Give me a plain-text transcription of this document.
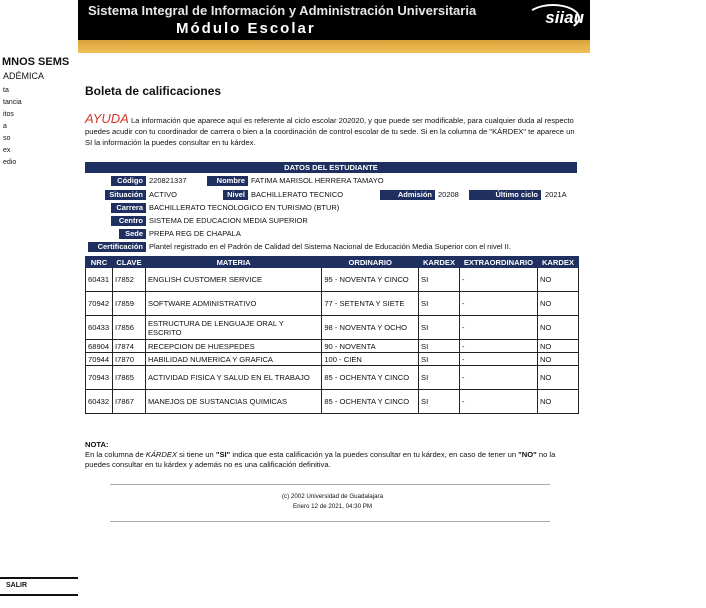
Sistema Integral de Información y Administración Universitaria
Módulo Escolar
siiau
MNOS SEMS
ADÉMICA
ta
tancia
itos
a
so
ex
edio
SALIR
Boleta de calificaciones
AYUDA La información que aparece aquí es referente al ciclo escolar 202020, y que puede ser modificable, para cualquier duda al respecto puedes acudir con tu coordinador de carrera o bien a la coordinación de control escolar de tu sede. Si en la columna de "KÁRDEX" te aparece un SI la información la puedes consultar en tu kárdex.
DATOS DEL ESTUDIANTE
Código 220821337	Nombre FATIMA MARISOL HERRERA TAMAYO
Situación ACTIVO	Nivel BACHILLERATO TECNICO	Admisión 20208	Último ciclo 2021A
Carrera BACHILLERATO TECNOLOGICO EN TURISMO (BTUR)
Centro SISTEMA DE EDUCACION MEDIA SUPERIOR
Sede PREPA REG DE CHAPALA
Certificación Plantel registrado en el Padrón de Calidad del Sistema Nacional de Educación Media Superior con el nivel II.
NRC	CLAVE	MATERIA	ORDINARIO	KARDEX	EXTRAORDINARIO	KARDEX
60431	I7852	ENGLISH CUSTOMER SERVICE	95 - NOVENTA Y CINCO	SI	-	NO
70942	I7859	SOFTWARE ADMINISTRATIVO	77 - SETENTA Y SIETE	SI	-	NO
60433	I7856	ESTRUCTURA DE LENGUAJE ORAL Y ESCRITO	98 - NOVENTA Y OCHO	SI	-	NO
68904	I7874	RECEPCION DE HUESPEDES	90 - NOVENTA	SI	-	NO
70944	I7870	HABILIDAD NUMERICA Y GRAFICA	100 - CIEN	SI	-	NO
70943	I7865	ACTIVIDAD FISICA Y SALUD EN EL TRABAJO	85 - OCHENTA Y CINCO	SI	-	NO
60432	I7867	MANEJOS DE SUSTANCIAS QUIMICAS	85 - OCHENTA Y CINCO	SI	-	NO
NOTA:
En la columna de KÁRDEX si tiene un "SI" indica que esta calificación ya la puedes consultar en tu kárdex, en caso de tener un "NO" no la puedes consultar en tu kárdex y además no es una calificación definitiva.
(c) 2002 Universidad de Guadalajara
Enero 12 de 2021, 04:30 PM
